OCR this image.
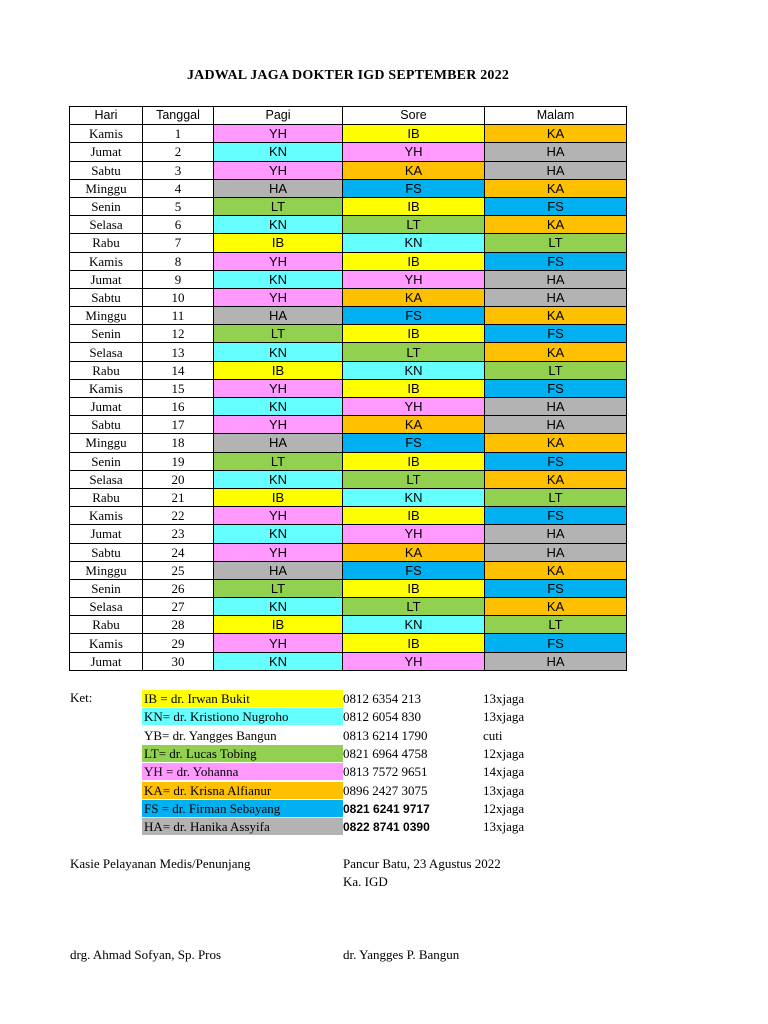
JADWAL JAGA DOKTER IGD SEPTEMBER 2022
Hari	Tanggal	Pagi	Sore	Malam
Kamis	1	YH	IB	KA
Jumat	2	KN	YH	HA
Sabtu	3	YH	KA	HA
Minggu	4	HA	FS	KA
Senin	5	LT	IB	FS
Selasa	6	KN	LT	KA
Rabu	7	IB	KN	LT
Kamis	8	YH	IB	FS
Jumat	9	KN	YH	HA
Sabtu	10	YH	KA	HA
Minggu	11	HA	FS	KA
Senin	12	LT	IB	FS
Selasa	13	KN	LT	KA
Rabu	14	IB	KN	LT
Kamis	15	YH	IB	FS
Jumat	16	KN	YH	HA
Sabtu	17	YH	KA	HA
Minggu	18	HA	FS	KA
Senin	19	LT	IB	FS
Selasa	20	KN	LT	KA
Rabu	21	IB	KN	LT
Kamis	22	YH	IB	FS
Jumat	23	KN	YH	HA
Sabtu	24	YH	KA	HA
Minggu	25	HA	FS	KA
Senin	26	LT	IB	FS
Selasa	27	KN	LT	KA
Rabu	28	IB	KN	LT
Kamis	29	YH	IB	FS
Jumat	30	KN	YH	HA
Ket:	IB = dr. Irwan Bukit	0812 6354 213	13xjaga
KN= dr. Kristiono Nugroho	0812 6054 830	13xjaga
YB= dr. Yangges Bangun	0813 6214 1790	cuti
LT= dr. Lucas Tobing	0821 6964 4758	12xjaga
YH = dr. Yohanna	0813 7572 9651	14xjaga
KA= dr. Krisna Alfianur	0896 2427 3075	13xjaga
FS = dr. Firman Sebayang	0821 6241 9717	12xjaga
HA= dr. Hanika Assyifa	0822 8741 0390	13xjaga
Kasie Pelayanan Medis/Penunjang	Pancur Batu, 23 Agustus 2022
Ka. IGD
drg. Ahmad Sofyan, Sp. Pros	dr. Yangges P. Bangun
